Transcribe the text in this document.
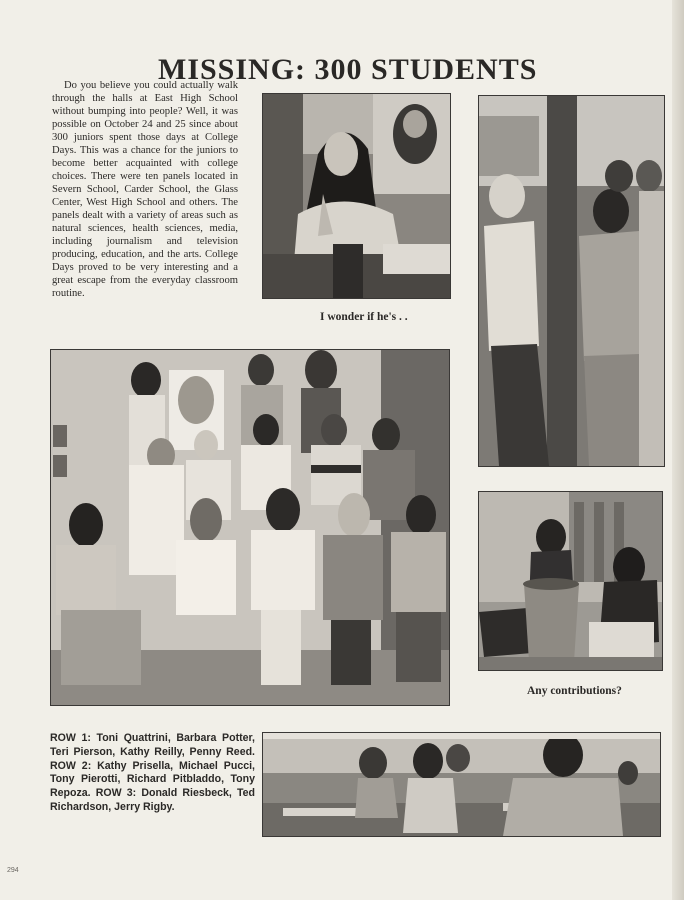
MISSING: 300 STUDENTS

Do you believe you could actually walk through the halls at East High School without bumping into people? Well, it was possible on October 24 and 25 since about 300 juniors spent those days at College Days. This was a chance for the juniors to become better acquainted with college choices. There were ten panels located in Severn School, Carder School, the Glass Center, West High School and others. The panels dealt with a variety of areas such as natural sciences, health sciences, media, including journalism and television producing, education, and the arts. College Days proved to be very interesting and a great escape from the everyday classroom routine.

I wonder if he's . .
ROW 1: Toni Quattrini, Barbara Potter, Teri Pierson, Kathy Reilly, Penny Reed. ROW 2: Kathy Prisella, Michael Pucci, Tony Pierotti, Richard Pitbladdo, Tony Repoza. ROW 3: Donald Riesbeck, Ted Richardson, Jerry Rigby.
Any contributions?
294
